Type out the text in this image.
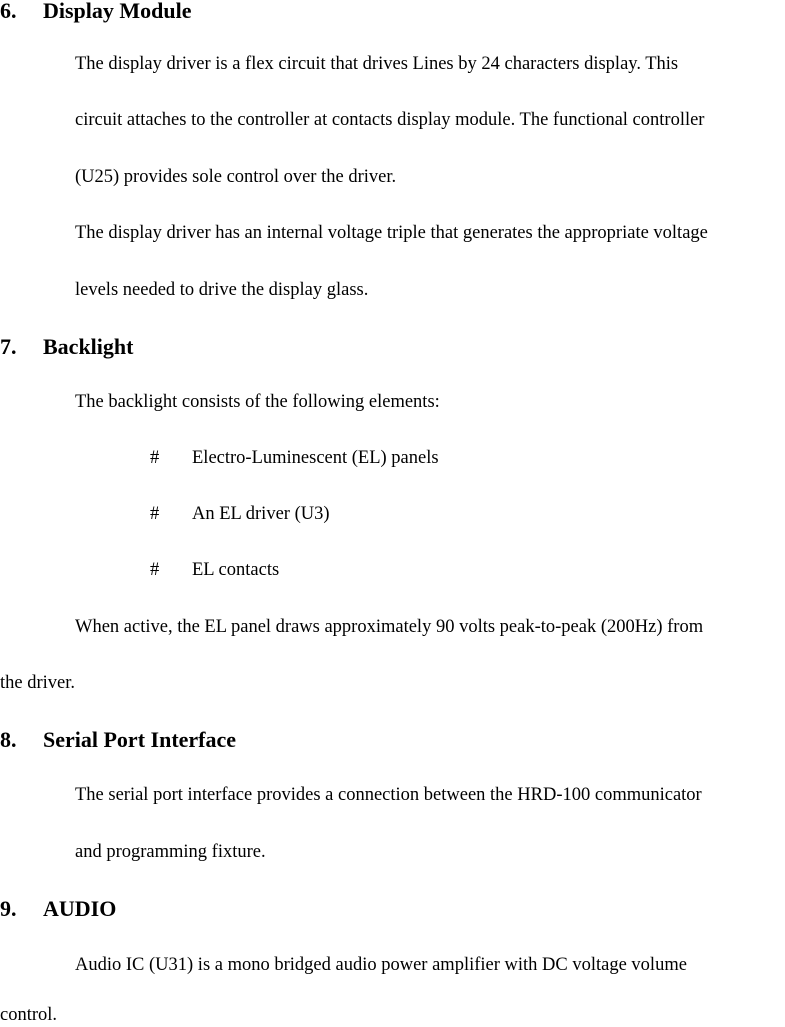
6. Display Module
The display driver is a flex circuit that drives Lines by 24 characters display. This
circuit attaches to the controller at contacts display module. The functional controller
(U25) provides sole control over the driver.
The display driver has an internal voltage triple that generates the appropriate voltage
levels needed to drive the display glass.
7. Backlight
The backlight consists of the following elements:
# Electro-Luminescent (EL) panels
# An EL driver (U3)
# EL contacts
When active, the EL panel draws approximately 90 volts peak-to-peak (200Hz) from
the driver.
8. Serial Port Interface
The serial port interface provides a connection between the HRD-100 communicator
and programming fixture.
9. AUDIO
Audio IC (U31) is a mono bridged audio power amplifier with DC voltage volume
control.
